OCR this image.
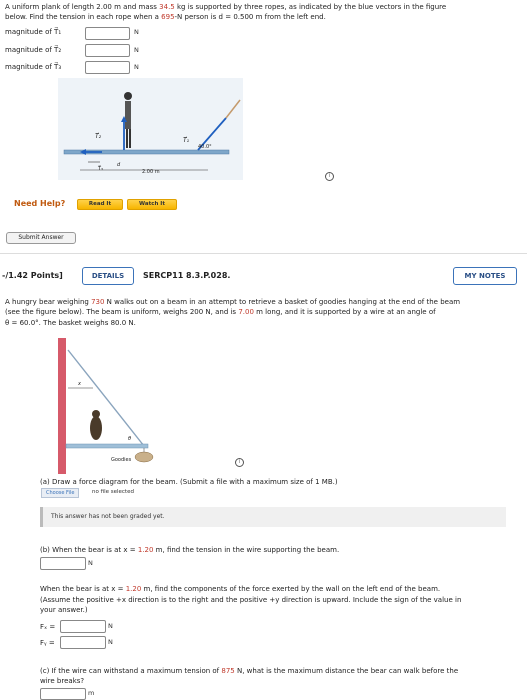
A uniform plank of length 2.00 m and mass 34.5 kg is supported by three ropes, as indicated by the blue vectors in the figure
below. Find the tension in each rope when a 695-N person is d = 0.500 m from the left end.
magnitude of T⃗₁	N
magnitude of T⃗₂	N
magnitude of T⃗₃	N
T⃗₂
T⃗₃
T⃗₁
d
2.00 m
40.0°
i
Need Help?	Read It	Watch It
Submit Answer
-/1.42 Points]	DETAILS	SERCP11 8.3.P.028.	MY NOTES
A hungry bear weighing 730 N walks out on a beam in an attempt to retrieve a basket of goodies hanging at the end of the beam
(see the figure below). The beam is uniform, weighs 200 N, and is 7.00 m long, and it is supported by a wire at an angle of
θ = 60.0°. The basket weighs 80.0 N.
x
θ
Goodies	i
(a) Draw a force diagram for the beam. (Submit a file with a maximum size of 1 MB.)
Choose File	no file selected
This answer has not been graded yet.
(b) When the bear is at x = 1.20 m, find the tension in the wire supporting the beam.
N
When the bear is at x = 1.20 m, find the components of the force exerted by the wall on the left end of the beam.
(Assume the positive +x direction is to the right and the positive +y direction is upward. Include the sign of the value in
your answer.)
Fₓ =	N
Fᵧ =	N
(c) If the wire can withstand a maximum tension of 875 N, what is the maximum distance the bear can walk before the
wire breaks?
m
